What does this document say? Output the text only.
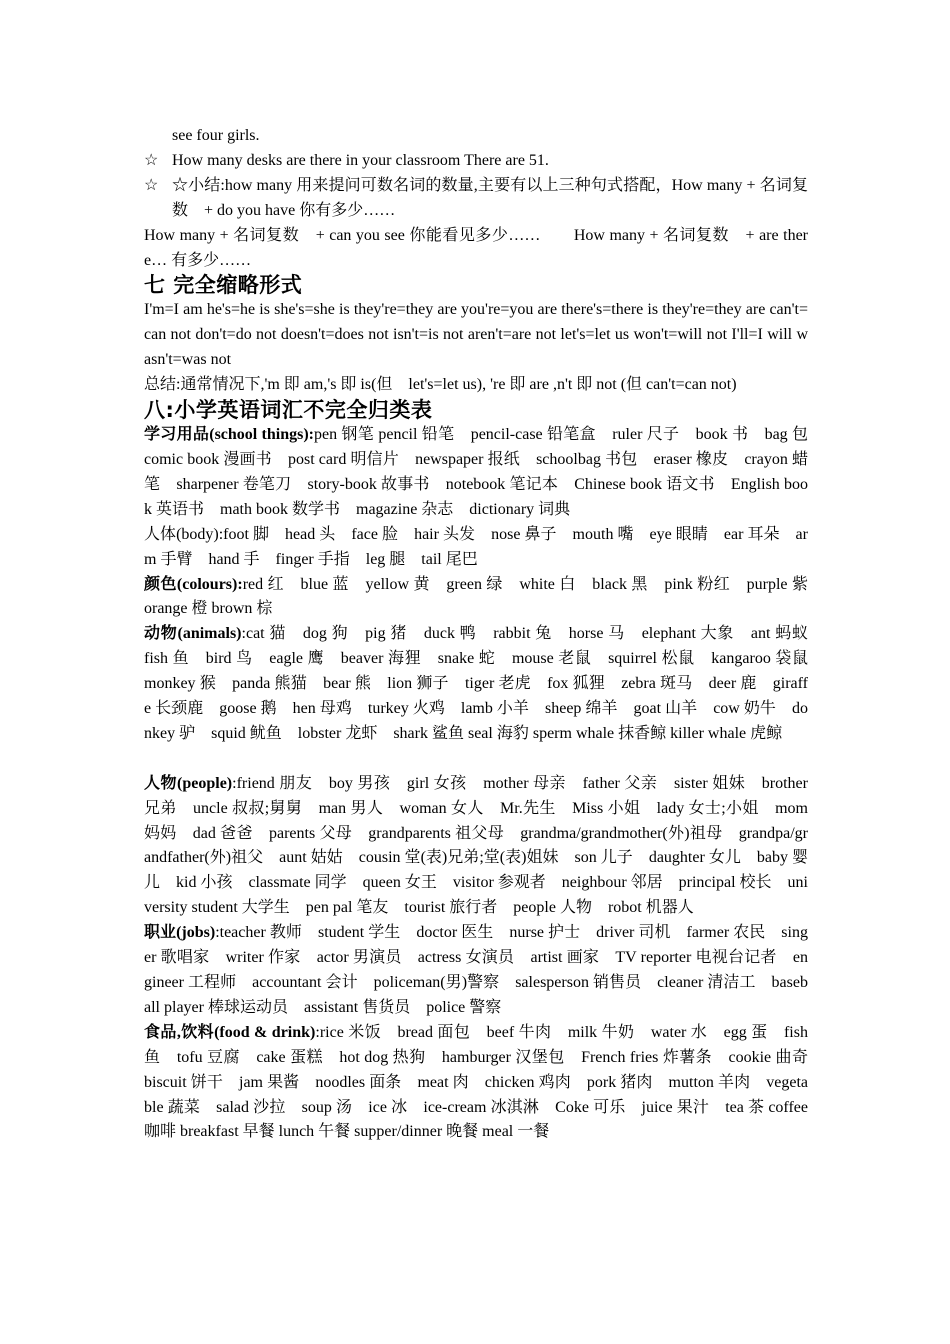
see four girls.

☆ How many desks are there in your classroom There are 51.

☆ ☆小结:how many 用来提问可数名词的数量,主要有以上三种句式搭配，How many + 名词复数　+ do you have 你有多少……

How many + 名词复数　+ can you see 你能看见多少……　　How many + 名词复数　+ are there… 有多少……

七 完全缩略形式

I'm=I am he's=he is she's=she is they're=they are you're=you are there's=there is they're=they are can't=can not don't=do not doesn't=does not isn't=is not aren't=are not let's=let us won't=will not I'll=I will wasn't=was not

总结:通常情况下,'m 即 am,'s 即 is(但　let's=let us), 're 即 are ,n't 即 not (但 can't=can not)

八:小学英语词汇不完全归类表

学习用品(school things):pen 钢笔 pencil 铅笔　pencil-case 铅笔盒　ruler 尺子　book 书　bag 包　comic book 漫画书　post card 明信片　newspaper 报纸　schoolbag 书包　eraser 橡皮　crayon 蜡笔　sharpener 卷笔刀　story-book 故事书　notebook 笔记本　Chinese book 语文书　English book 英语书　math book 数学书　magazine 杂志　dictionary 词典

人体(body):foot 脚　head 头　face 脸　hair 头发　nose 鼻子　mouth 嘴　eye 眼睛　ear 耳朵　arm 手臂　hand 手　finger 手指　leg 腿　tail 尾巴

颜色(colours):red 红　blue 蓝　yellow 黄　green 绿　white 白　black 黑　pink 粉红　purple 紫 orange 橙 brown 棕

动物(animals):cat 猫　dog 狗　pig 猪　duck 鸭　rabbit 兔　horse 马　elephant 大象　ant 蚂蚁　fish 鱼　bird 鸟　eagle 鹰　beaver 海狸　snake 蛇　mouse 老鼠　squirrel 松鼠　kangaroo 袋鼠　monkey 猴　panda 熊猫　bear 熊　lion 狮子　tiger 老虎　fox 狐狸　zebra 斑马　deer 鹿　giraffe 长颈鹿　goose 鹅　hen 母鸡　turkey 火鸡　lamb 小羊　sheep 绵羊　goat 山羊　cow 奶牛　donkey 驴　squid 鱿鱼　lobster 龙虾　shark 鲨鱼 seal 海豹 sperm whale 抹香鲸 killer whale 虎鲸

人物(people):friend 朋友　boy 男孩　girl 女孩　mother 母亲　father 父亲　sister 姐妹　brother 兄弟　uncle 叔叔;舅舅　man 男人　woman 女人　Mr.先生　Miss 小姐　lady 女士;小姐　mom 妈妈　dad 爸爸　parents 父母　grandparents 祖父母　grandma/grandmother(外)祖母　grandpa/grandfather(外)祖父　aunt 姑姑　cousin 堂(表)兄弟;堂(表)姐妹　son 儿子　daughter 女儿　baby 婴儿　kid 小孩　classmate 同学　queen 女王　visitor 参观者　neighbour 邻居　principal 校长　university student 大学生　pen pal 笔友　tourist 旅行者　people 人物　robot 机器人

职业(jobs):teacher 教师　student 学生　doctor 医生　nurse 护士　driver 司机　farmer 农民　singer 歌唱家　writer 作家　actor 男演员　actress 女演员　artist 画家　TV reporter 电视台记者　engineer 工程师　accountant 会计　policeman(男)警察　salesperson 销售员　cleaner 清洁工　baseball player 棒球运动员　assistant 售货员　police 警察

食品,饮料(food & drink):rice 米饭　bread 面包　beef 牛肉　milk 牛奶　water 水　egg 蛋　fish 鱼　tofu 豆腐　cake 蛋糕　hot dog 热狗　hamburger 汉堡包　French fries 炸薯条　cookie 曲奇　biscuit 饼干　jam 果酱　noodles 面条　meat 肉　chicken 鸡肉　pork 猪肉　mutton 羊肉　vegetable 蔬菜　salad 沙拉　soup 汤　ice 冰　ice-cream 冰淇淋　Coke 可乐　juice 果汁　tea 茶 coffee 咖啡 breakfast 早餐 lunch 午餐 supper/dinner 晚餐 meal 一餐
